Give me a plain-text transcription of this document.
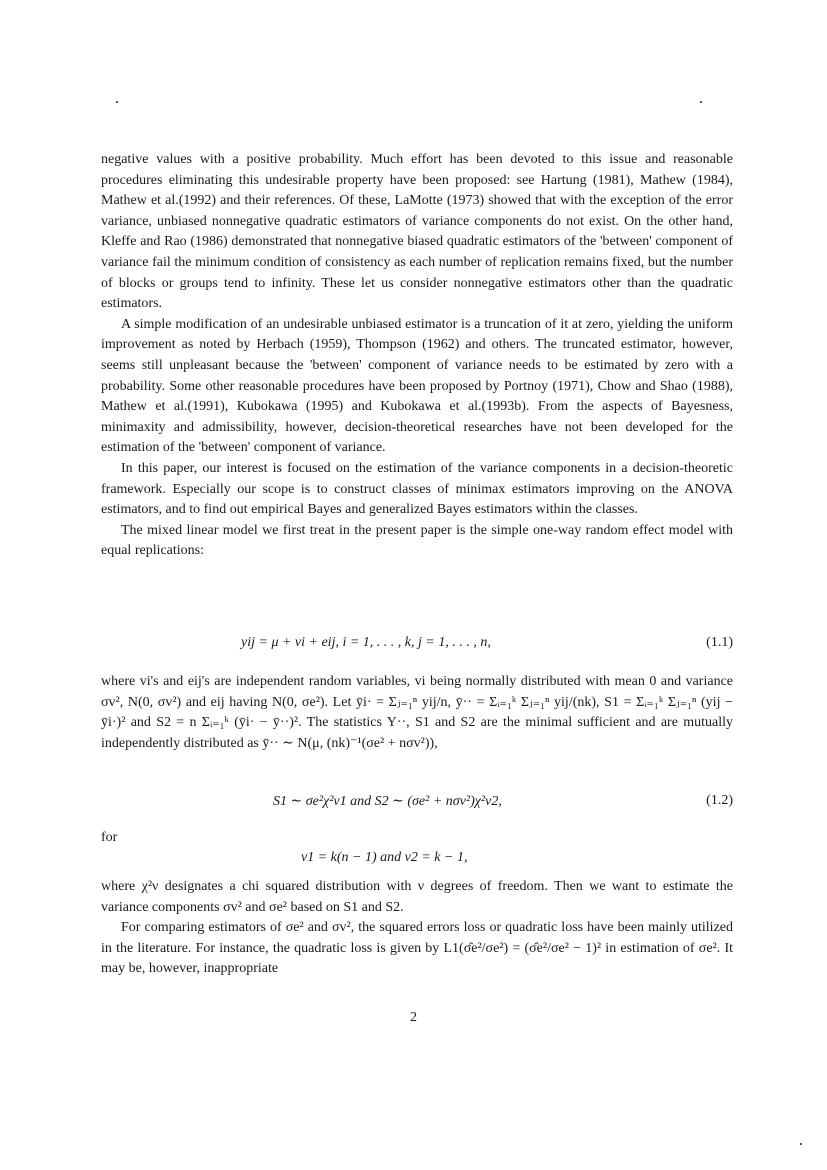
negative values with a positive probability. Much effort has been devoted to this issue and reasonable procedures eliminating this undesirable property have been proposed: see Hartung (1981), Mathew (1984), Mathew et al.(1992) and their references. Of these, LaMotte (1973) showed that with the exception of the error variance, unbiased nonnegative quadratic estimators of variance components do not exist. On the other hand, Kleffe and Rao (1986) demonstrated that nonnegative biased quadratic estimators of the 'between' component of variance fail the minimum condition of consistency as each number of replication remains fixed, but the number of blocks or groups tend to infinity. These let us consider nonnegative estimators other than the quadratic estimators.

A simple modification of an undesirable unbiased estimator is a truncation of it at zero, yielding the uniform improvement as noted by Herbach (1959), Thompson (1962) and others. The truncated estimator, however, seems still unpleasant because the 'between' component of variance needs to be estimated by zero with a probability. Some other reasonable procedures have been proposed by Portnoy (1971), Chow and Shao (1988), Mathew et al.(1991), Kubokawa (1995) and Kubokawa et al.(1993b). From the aspects of Bayesness, minimaxity and admissibility, however, decision-theoretical researches have not been developed for the estimation of the 'between' component of variance.

In this paper, our interest is focused on the estimation of the variance components in a decision-theoretic framework. Especially our scope is to construct classes of minimax estimators improving on the ANOVA estimators, and to find out empirical Bayes and generalized Bayes estimators within the classes.

The mixed linear model we first treat in the present paper is the simple one-way random effect model with equal replications:

yij = μ + vi + eij, i = 1, . . . , k, j = 1, . . . , n,	(1.1)

where vi's and eij's are independent random variables, vi being normally distributed with mean 0 and variance σv², N(0, σv²) and eij having N(0, σe²). Let ȳi· = Σⱼ₌₁ⁿ yij/n, ȳ·· = Σᵢ₌₁ᵏ Σⱼ₌₁ⁿ yij/(nk), S1 = Σᵢ₌₁ᵏ Σⱼ₌₁ⁿ (yij − ȳi·)² and S2 = n Σᵢ₌₁ᵏ (ȳi· − ȳ··)². The statistics Y··, S1 and S2 are the minimal sufficient and are mutually independently distributed as ȳ·· ∼ N(μ, (nk)⁻¹(σe² + nσv²)),

S1 ∼ σe²χ²ν1 and S2 ∼ (σe² + nσv²)χ²ν2,	(1.2)

for

ν1 = k(n − 1) and ν2 = k − 1,

where χ²ν designates a chi squared distribution with ν degrees of freedom. Then we want to estimate the variance components σv² and σe² based on S1 and S2.

For comparing estimators of σe² and σv², the squared errors loss or quadratic loss have been mainly utilized in the literature. For instance, the quadratic loss is given by L1(σ̂e²/σe²) = (σ̂e²/σe² − 1)² in estimation of σe². It may be, however, inappropriate

2
